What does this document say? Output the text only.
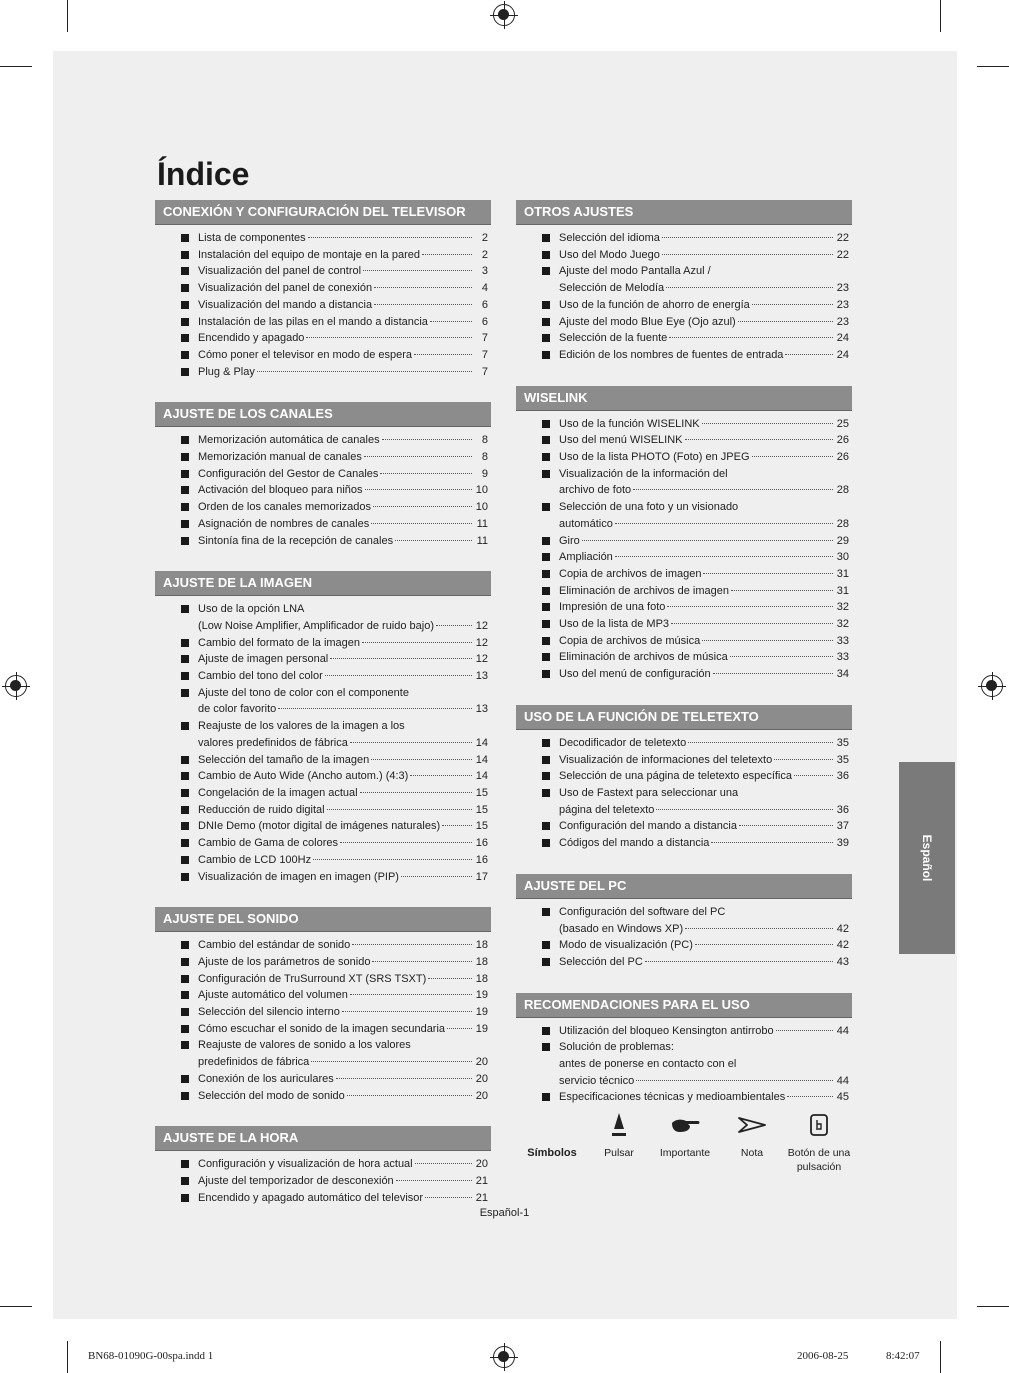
Índice
CONEXIÓN Y CONFIGURACIÓN DEL TELEVISOR
Lista de componentes	2
Instalación del equipo de montaje en la pared	2
Visualización del panel de control	3
Visualización del panel de conexión	4
Visualización del mando a distancia	6
Instalación de las pilas en el mando a distancia	6
Encendido y apagado	7
Cómo poner el televisor en modo de espera	7
Plug & Play	7
AJUSTE DE LOS CANALES
Memorización automática de canales	8
Memorización manual de canales	8
Configuración del Gestor de Canales	9
Activación del bloqueo para niños	10
Orden de los canales memorizados	10
Asignación de nombres de canales	11
Sintonía fina de la recepción de canales	11
AJUSTE DE LA IMAGEN
Uso de la opción LNA
(Low Noise Amplifier, Amplificador de ruido bajo)	12
Cambio del formato de la imagen	12
Ajuste de imagen personal	12
Cambio del tono del color	13
Ajuste del tono de color con el componente
de color favorito	13
Reajuste de los valores de la imagen a los
valores predefinidos de fábrica	14
Selección del tamaño de la imagen	14
Cambio de Auto Wide (Ancho autom.) (4:3)	14
Congelación de la imagen actual	15
Reducción de ruido digital	15
DNIe Demo (motor digital de imágenes naturales)	15
Cambio de Gama de colores	16
Cambio de LCD 100Hz	16
Visualización de imagen en imagen (PIP)	17
AJUSTE DEL SONIDO
Cambio del estándar de sonido	18
Ajuste de los parámetros de sonido	18
Configuración de TruSurround XT (SRS TSXT)	18
Ajuste automático del volumen	19
Selección del silencio interno	19
Cómo escuchar el sonido de la imagen secundaria	19
Reajuste de valores de sonido a los valores
predefinidos de fábrica	20
Conexión de los auriculares	20
Selección del modo de sonido	20
AJUSTE DE LA HORA
Configuración y visualización de hora actual	20
Ajuste del temporizador de desconexión	21
Encendido y apagado automático del televisor	21
OTROS AJUSTES
Selección del idioma	22
Uso del Modo Juego	22
Ajuste del modo Pantalla Azul /
Selección de Melodía	23
Uso de la función de ahorro de energía	23
Ajuste del modo Blue Eye (Ojo azul)	23
Selección de la fuente	24
Edición de los nombres de fuentes de entrada	24
WISELINK
Uso de la función WISELINK	25
Uso del menú WISELINK	26
Uso de la lista PHOTO (Foto) en JPEG	26
Visualización de la información del
archivo de foto	28
Selección de una foto y un visionado
automático	28
Giro	29
Ampliación	30
Copia de archivos de imagen	31
Eliminación de archivos de imagen	31
Impresión de una foto	32
Uso de la lista de MP3	32
Copia de archivos de música	33
Eliminación de archivos de música	33
Uso del menú de configuración	34
USO DE LA FUNCIÓN DE TELETEXTO
Decodificador de teletexto	35
Visualización de informaciones del teletexto	35
Selección de una página de teletexto específica	36
Uso de Fastext para seleccionar una
página del teletexto	36
Configuración del mando a distancia	37
Códigos del mando a distancia	39
AJUSTE DEL PC
Configuración del software del PC
(basado en Windows XP)	42
Modo de visualización (PC)	42
Selección del PC	43
RECOMENDACIONES PARA EL USO
Utilización del bloqueo Kensington antirrobo	44
Solución de problemas:
antes de ponerse en contacto con el
servicio técnico	44
Especificaciones técnicas y medioambientales	45
Símbolos	Pulsar	Importante	Nota	Botón de una pulsación
Español
Español-1
BN68-01090G-00spa.indd 1	2006-08-25	8:42:07
